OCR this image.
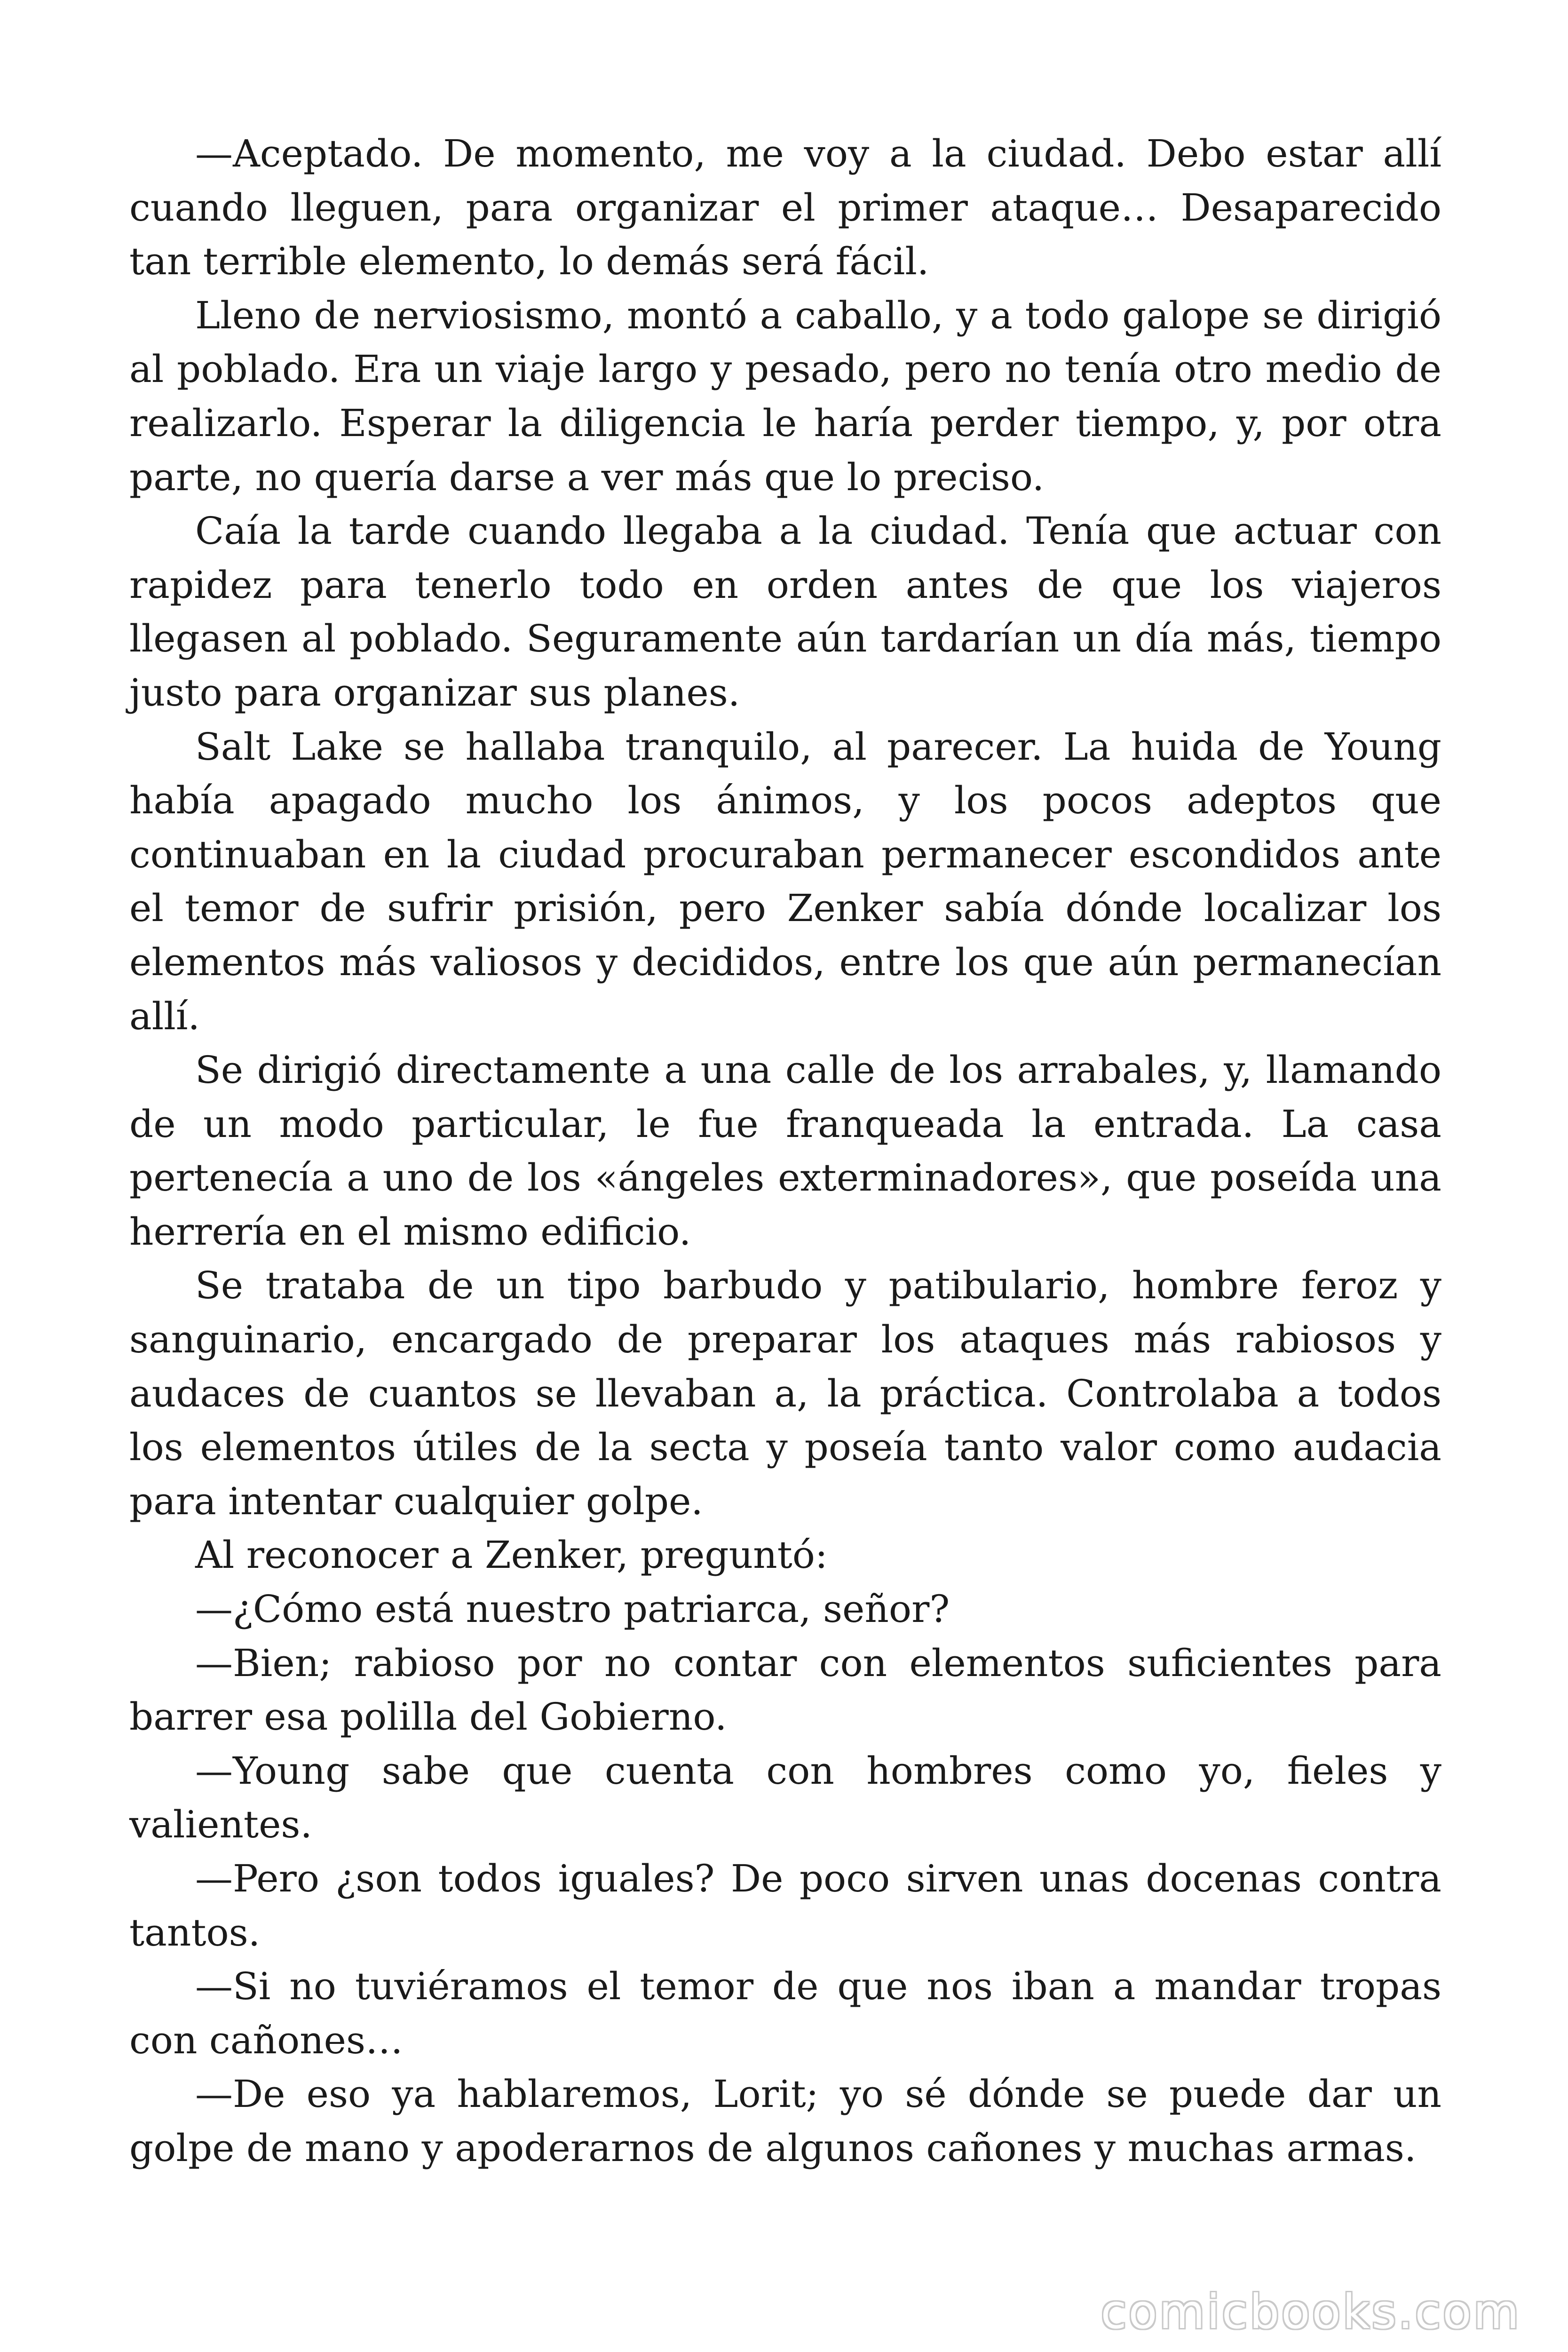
—Aceptado. De momento, me voy a la ciudad. Debo estar allí cuando lleguen, para organizar el primer ataque… Desaparecido tan terrible elemento, lo demás será fácil.

Lleno de nerviosismo, montó a caballo, y a todo galope se dirigió al poblado. Era un viaje largo y pesado, pero no tenía otro medio de realizarlo. Esperar la diligencia le haría perder tiempo, y, por otra parte, no quería darse a ver más que lo preciso.

Caía la tarde cuando llegaba a la ciudad. Tenía que actuar con rapidez para tenerlo todo en orden antes de que los viajeros llegasen al poblado. Seguramente aún tardarían un día más, tiempo justo para organizar sus planes.

Salt Lake se hallaba tranquilo, al parecer. La huida de Young había apagado mucho los ánimos, y los pocos adeptos que continuaban en la ciudad procuraban permanecer escondidos ante el temor de sufrir prisión, pero Zenker sabía dónde localizar los elementos más valiosos y decididos, entre los que aún permanecían allí.

Se dirigió directamente a una calle de los arrabales, y, llamando de un modo particular, le fue franqueada la entrada. La casa pertenecía a uno de los «ángeles exterminadores», que poseída una herrería en el mismo edificio.

Se trataba de un tipo barbudo y patibulario, hombre feroz y sanguinario, encargado de preparar los ataques más rabiosos y audaces de cuantos se llevaban a, la práctica. Controlaba a todos los elementos útiles de la secta y poseía tanto valor como audacia para intentar cualquier golpe.

Al reconocer a Zenker, preguntó:

—¿Cómo está nuestro patriarca, señor?

—Bien; rabioso por no contar con elementos suficientes para barrer esa polilla del Gobierno.

—Young sabe que cuenta con hombres como yo, fieles y valientes.

—Pero ¿son todos iguales? De poco sirven unas docenas contra tantos.

—Si no tuviéramos el temor de que nos iban a mandar tropas con cañones…

—De eso ya hablaremos, Lorit; yo sé dónde se puede dar un golpe de mano y apoderarnos de algunos cañones y muchas armas.

comicbooks.com
